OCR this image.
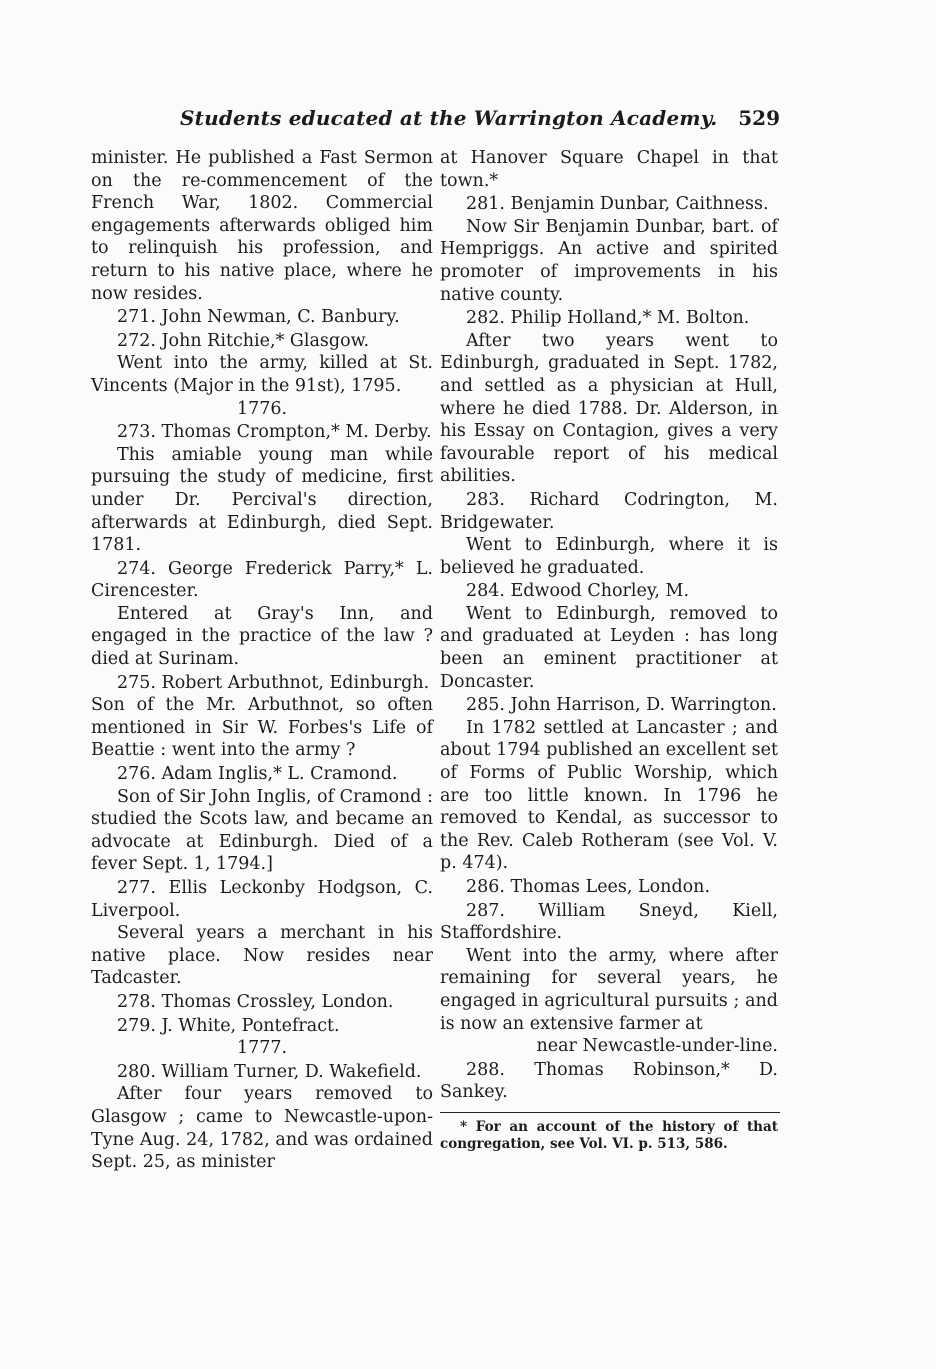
Students educated at the Warrington Academy. 529

minister. He published a Fast Sermon on the re-commencement of the French War, 1802. Commercial engagements afterwards obliged him to relinquish his profession, and return to his native place, where he now resides.

271. John Newman, C. Banbury.

272. John Ritchie,* Glasgow.

Went into the army, killed at St. Vincents (Major in the 91st), 1795.

1776.

273. Thomas Crompton,* M. Derby.

This amiable young man while pursuing the study of medicine, first under Dr. Percival's direction, afterwards at Edinburgh, died Sept. 1781.

274. George Frederick Parry,* L. Cirencester.

Entered at Gray's Inn, and engaged in the practice of the law ? died at Surinam.

275. Robert Arbuthnot, Edinburgh.

Son of the Mr. Arbuthnot, so often mentioned in Sir W. Forbes's Life of Beattie : went into the army ?

276. Adam Inglis,* L. Cramond.

Son of Sir John Inglis, of Cramond : studied the Scots law, and became an advocate at Edinburgh. Died of a fever Sept. 1, 1794.]

277. Ellis Leckonby Hodgson, C. Liverpool.

Several years a merchant in his native place. Now resides near Tadcaster.

278. Thomas Crossley, London.

279. J. White, Pontefract.

1777.

280. William Turner, D. Wakefield.

After four years removed to Glasgow ; came to Newcastle-upon-Tyne Aug. 24, 1782, and was ordained Sept. 25, as minister

at Hanover Square Chapel in that town.*

281. Benjamin Dunbar, Caithness.

Now Sir Benjamin Dunbar, bart. of Hempriggs. An active and spirited promoter of improvements in his native county.

282. Philip Holland,* M. Bolton.

After two years went to Edinburgh, graduated in Sept. 1782, and settled as a physician at Hull, where he died 1788. Dr. Alderson, in his Essay on Contagion, gives a very favourable report of his medical abilities.

283. Richard Codrington, M. Bridgewater.

Went to Edinburgh, where it is believed he graduated.

284. Edwood Chorley, M.

Went to Edinburgh, removed to and graduated at Leyden : has long been an eminent practitioner at Doncaster.

285. John Harrison, D. Warrington.

In 1782 settled at Lancaster ; and about 1794 published an excellent set of Forms of Public Worship, which are too little known. In 1796 he removed to Kendal, as successor to the Rev. Caleb Rotheram (see Vol. V. p. 474).

286. Thomas Lees, London.

287. William Sneyd, Kiell, Staffordshire.

Went into the army, where after remaining for several years, he engaged in agricultural pursuits ; and is now an extensive farmer at

near Newcastle-under-line.

288. Thomas Robinson,* D. Sankey.

* For an account of the history of that congregation, see Vol. VI. p. 513, 586.
